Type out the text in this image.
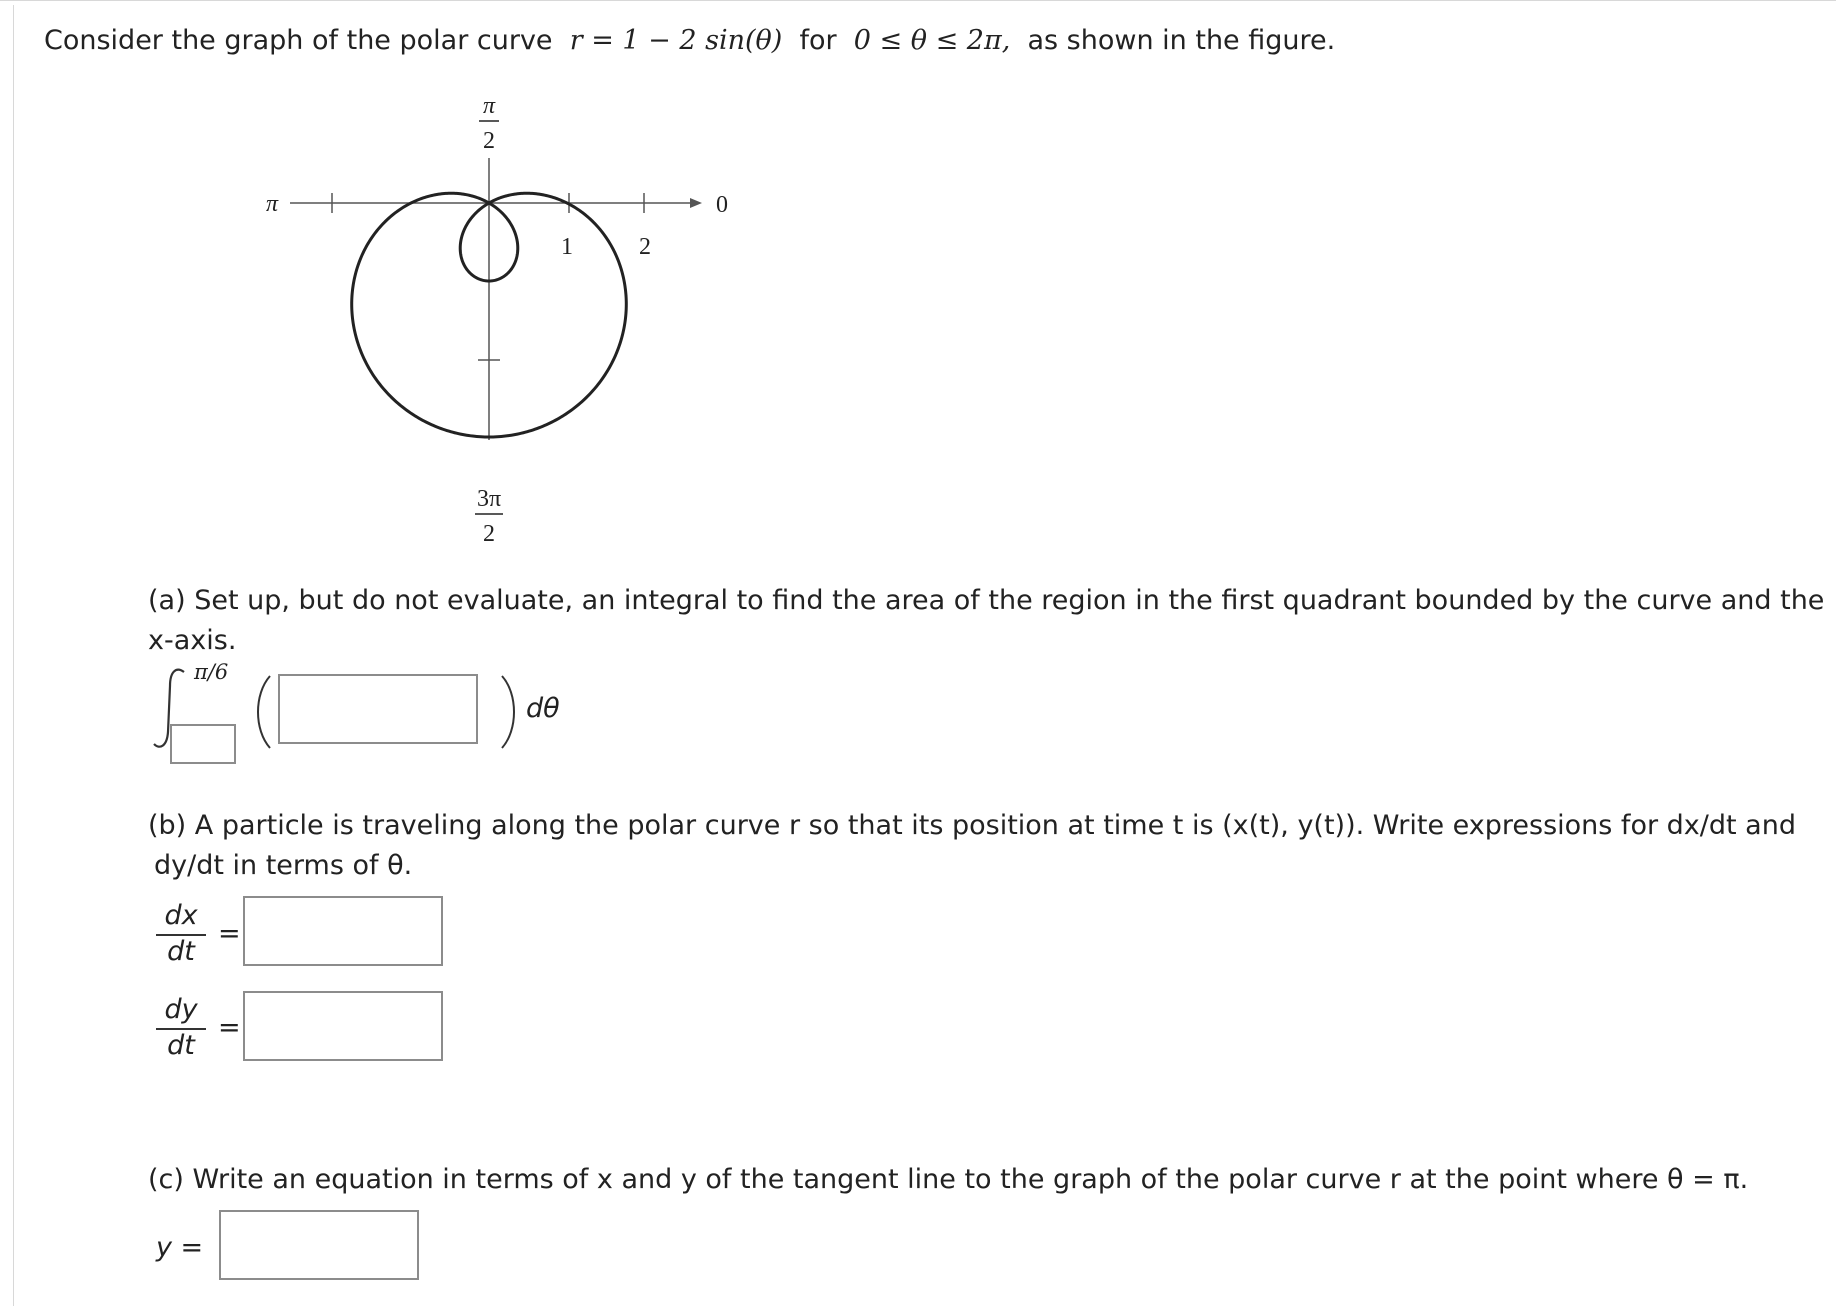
Consider the graph of the polar curve r = 1 − 2 sin(θ) for 0 ≤ θ ≤ 2π, as shown in the figure.
π
2
π	0
1	2
3π
2
(a) Set up, but do not evaluate, an integral to find the area of the region in the first quadrant bounded by the curve and the
x-axis.
π/6
dθ
(b) A particle is traveling along the polar curve r so that its position at time t is (x(t), y(t)). Write expressions for dx/dt and
dy/dt in terms of θ.
dx
dt
=
dy
dt
=
(c) Write an equation in terms of x and y of the tangent line to the graph of the polar curve r at the point where θ = π.
y =
